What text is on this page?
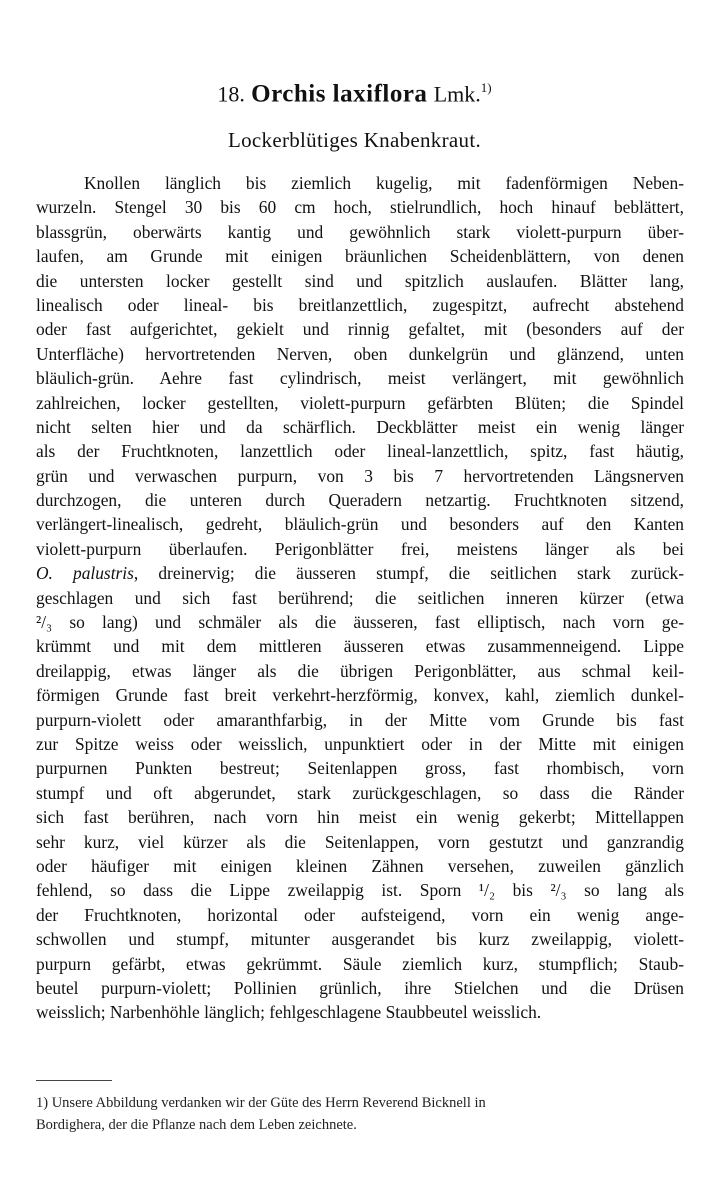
18. Orchis laxiflora Lmk.$^{1)}$
Lockerblütiges Knabenkraut.
Knollen länglich bis ziemlich kugelig, mit fadenförmigen Neben-
wurzeln. Stengel 30 bis 60 cm hoch, stielrundlich, hoch hinauf beblättert,
blassgrün, oberwärts kantig und gewöhnlich stark violett-purpurn über-
laufen, am Grunde mit einigen bräunlichen Scheidenblättern, von denen
die untersten locker gestellt sind und spitzlich auslaufen. Blätter lang,
linealisch oder lineal- bis breitlanzettlich, zugespitzt, aufrecht abstehend
oder fast aufgerichtet, gekielt und rinnig gefaltet, mit (besonders auf der
Unterfläche) hervortretenden Nerven, oben dunkelgrün und glänzend, unten
bläulich-grün. Aehre fast cylindrisch, meist verlängert, mit gewöhnlich
zahlreichen, locker gestellten, violett-purpurn gefärbten Blüten; die Spindel
nicht selten hier und da schärflich. Deckblätter meist ein wenig länger
als der Fruchtknoten, lanzettlich oder lineal-lanzettlich, spitz, fast häutig,
grün und verwaschen purpurn, von 3 bis 7 hervortretenden Längsnerven
durchzogen, die unteren durch Queradern netzartig. Fruchtknoten sitzend,
verlängert-linealisch, gedreht, bläulich-grün und besonders auf den Kanten
violett-purpurn überlaufen. Perigonblätter frei, meistens länger als bei
O. palustris, dreinervig; die äusseren stumpf, die seitlichen stark zurück-
geschlagen und sich fast berührend; die seitlichen inneren kürzer (etwa
²/₃ so lang) und schmäler als die äusseren, fast elliptisch, nach vorn ge-
krümmt und mit dem mittleren äusseren etwas zusammenneigend. Lippe
dreilappig, etwas länger als die übrigen Perigonblätter, aus schmal keil-
förmigen Grunde fast breit verkehrt-herzförmig, konvex, kahl, ziemlich dunkel-
purpurn-violett oder amaranthfarbig, in der Mitte vom Grunde bis fast
zur Spitze weiss oder weisslich, unpunktiert oder in der Mitte mit einigen
purpurnen Punkten bestreut; Seitenlappen gross, fast rhombisch, vorn
stumpf und oft abgerundet, stark zurückgeschlagen, so dass die Ränder
sich fast berühren, nach vorn hin meist ein wenig gekerbt; Mittellappen
sehr kurz, viel kürzer als die Seitenlappen, vorn gestutzt und ganzrandig
oder häufiger mit einigen kleinen Zähnen versehen, zuweilen gänzlich
fehlend, so dass die Lippe zweilappig ist. Sporn ¹/₂ bis ²/₃ so lang als
der Fruchtknoten, horizontal oder aufsteigend, vorn ein wenig ange-
schwollen und stumpf, mitunter ausgerandet bis kurz zweilappig, violett-
purpurn gefärbt, etwas gekrümmt. Säule ziemlich kurz, stumpflich; Staub-
beutel purpurn-violett; Pollinien grünlich, ihre Stielchen und die Drüsen
weisslich; Narbenhöhle länglich; fehlgeschlagene Staubbeutel weisslich.
1) Unsere Abbildung verdanken wir der Güte des Herrn Reverend Bicknell in
Bordighera, der die Pflanze nach dem Leben zeichnete.
